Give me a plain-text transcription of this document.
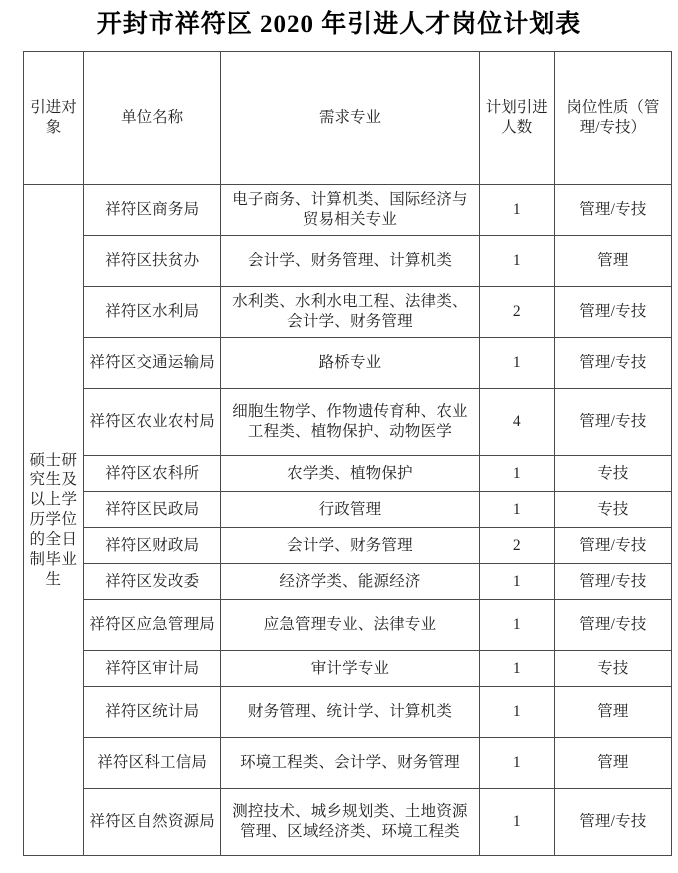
开封市祥符区 2020 年引进人才岗位计划表
引进对象	单位名称	需求专业	计划引进人数	岗位性质（管理/专技）
硕士研究生及以上学历学位的全日制毕业生	祥符区商务局	电子商务、计算机类、国际经济与贸易相关专业	1	管理/专技
	祥符区扶贫办	会计学、财务管理、计算机类	1	管理
	祥符区水利局	水利类、水利水电工程、法律类、会计学、财务管理	2	管理/专技
	祥符区交通运输局	路桥专业	1	管理/专技
	祥符区农业农村局	细胞生物学、作物遗传育种、农业工程类、植物保护、动物医学	4	管理/专技
	祥符区农科所	农学类、植物保护	1	专技
	祥符区民政局	行政管理	1	专技
	祥符区财政局	会计学、财务管理	2	管理/专技
	祥符区发改委	经济学类、能源经济	1	管理/专技
	祥符区应急管理局	应急管理专业、法律专业	1	管理/专技
	祥符区审计局	审计学专业	1	专技
	祥符区统计局	财务管理、统计学、计算机类	1	管理
	祥符区科工信局	环境工程类、会计学、财务管理	1	管理
	祥符区自然资源局	测控技术、城乡规划类、土地资源管理、区域经济类、环境工程类	1	管理/专技
